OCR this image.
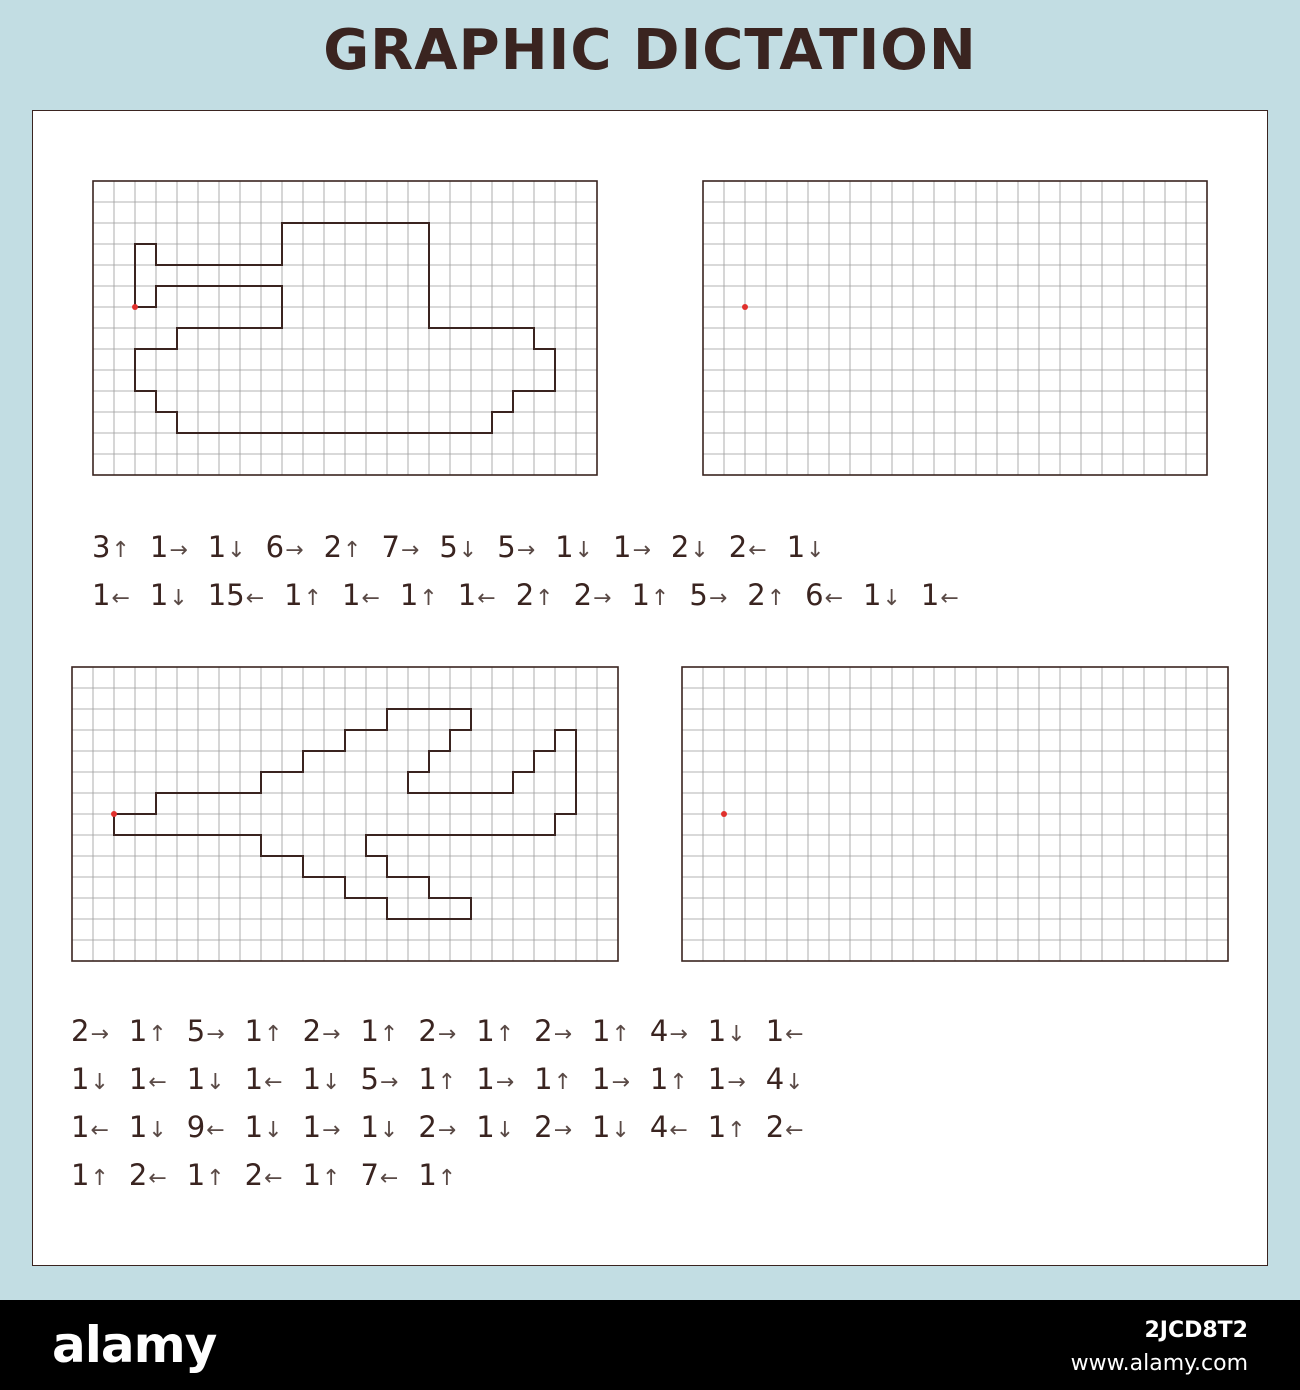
GRAPHIC DICTATION
3↑ 1→ 1↓ 6→ 2↑ 7→ 5↓ 5→ 1↓ 1→ 2↓ 2← 1↓
1← 1↓ 15← 1↑ 1← 1↑ 1← 2↑ 2→ 1↑ 5→ 2↑ 6← 1↓ 1←
2→ 1↑ 5→ 1↑ 2→ 1↑ 2→ 1↑ 2→ 1↑ 4→ 1↓ 1←
1↓ 1← 1↓ 1← 1↓ 5→ 1↑ 1→ 1↑ 1→ 1↑ 1→ 4↓
1← 1↓ 9← 1↓ 1→ 1↓ 2→ 1↓ 2→ 1↓ 4← 1↑ 2←
1↑ 2← 1↑ 2← 1↑ 7← 1↑
alamy	2JCD8T2
www.alamy.com
